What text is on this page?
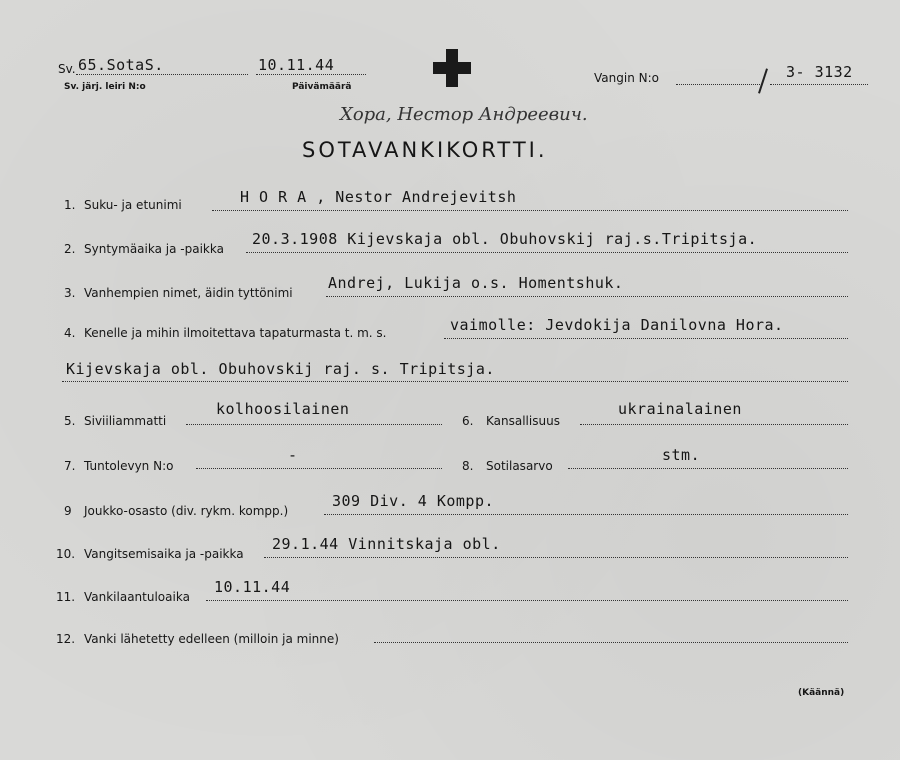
Sv. 65.SotaS.
Sv. järj. leiri N:o
10.11.44
Päivämäärä
Vangin N:o	3- 3132
Хора, Нестор Андреевич.
SOTAVANKIKORTTI.
1. Suku- ja etunimi	H O R A , Nestor Andrejevitsh
2. Syntymäaika ja -paikka
20.3.1908 Kijevskaja obl. Obuhovskij raj.s.Tripitsja.
3. Vanhempien nimet, äidin tyttönimi
Andrej, Lukija o.s. Homentshuk.
4. Kenelle ja mihin ilmoitettava tapaturmasta t. m. s.	vaimolle: Jevdokija Danilovna Hora.
Kijevskaja obl. Obuhovskij raj. s. Tripitsja.
5. Siviiliammatti
kolhoosilainen
6. Kansallisuus
ukrainalainen
7. Tuntolevyn N:o
-
8. Sotilasarvo
stm.
9 Joukko-osasto (div. rykm. kompp.)
309 Div. 4 Kompp.
10. Vangitsemisaika ja -paikka
29.1.44 Vinnitskaja obl.
11. Vankilaantuloaika
10.11.44
12. Vanki lähetetty edelleen (milloin ja minne)
(Käännä)
